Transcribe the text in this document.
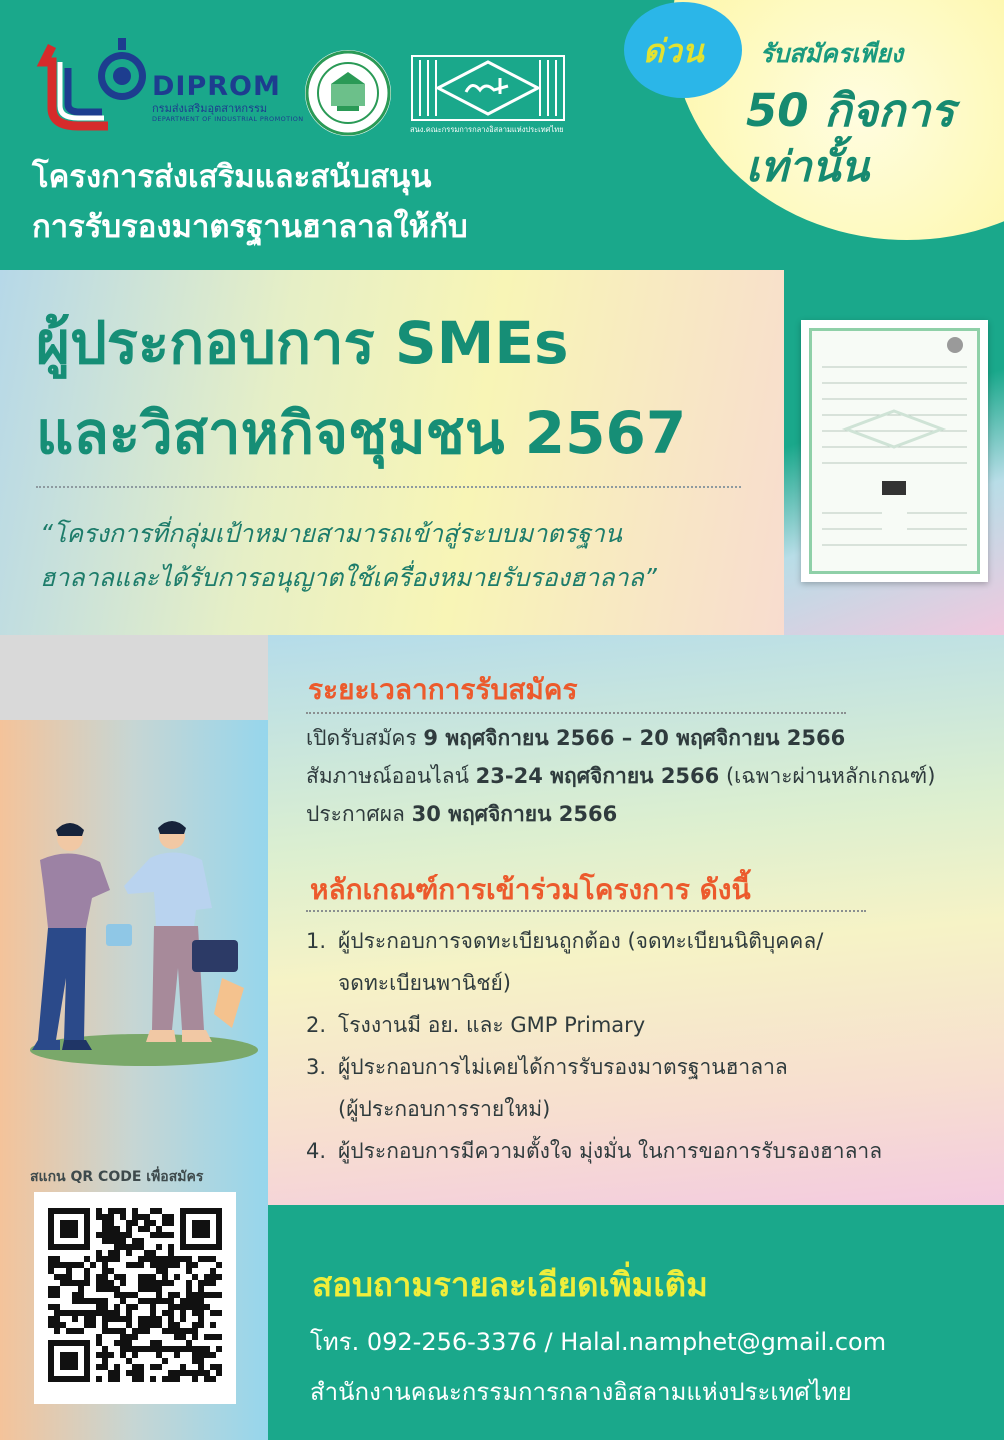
ด่วน รับสมัครเพียง
50 กิจการ
เท่านั้น
DIPROM
กรมส่งเสริมอุตสาหกรรม
DEPARTMENT OF INDUSTRIAL PROMOTION
สนง.คณะกรรมการกลางอิสลามแห่งประเทศไทย
โครงการส่งเสริมและสนับสนุน
การรับรองมาตรฐานฮาลาลให้กับ
ผู้ประกอบการ SMEs
และวิสาหกิจชุมชน 2567
“โครงการที่กลุ่มเป้าหมายสามารถเข้าสู่ระบบมาตรฐาน
ฮาลาลและได้รับการอนุญาตใช้เครื่องหมายรับรองฮาลาล”
ระยะเวลาการรับสมัคร
เปิดรับสมัคร 9 พฤศจิกายน 2566 – 20 พฤศจิกายน 2566
สัมภาษณ์ออนไลน์ 23-24 พฤศจิกายน 2566 (เฉพาะผ่านหลักเกณฑ์)
ประกาศผล 30 พฤศจิกายน 2566
หลักเกณฑ์การเข้าร่วมโครงการ ดังนี้
1. ผู้ประกอบการจดทะเบียนถูกต้อง (จดทะเบียนนิติบุคคล/
จดทะเบียนพานิชย์)
2. โรงงานมี อย. และ GMP Primary
3. ผู้ประกอบการไม่เคยได้การรับรองมาตรฐานฮาลาล
(ผู้ประกอบการรายใหม่)
4. ผู้ประกอบการมีความตั้งใจ มุ่งมั่น ในการขอการรับรองฮาลาล
สแกน QR CODE เพื่อสมัคร
สอบถามรายละเอียดเพิ่มเติม
โทร. 092-256-3376 / Halal.namphet@gmail.com
สำนักงานคณะกรรมการกลางอิสลามแห่งประเทศไทย
